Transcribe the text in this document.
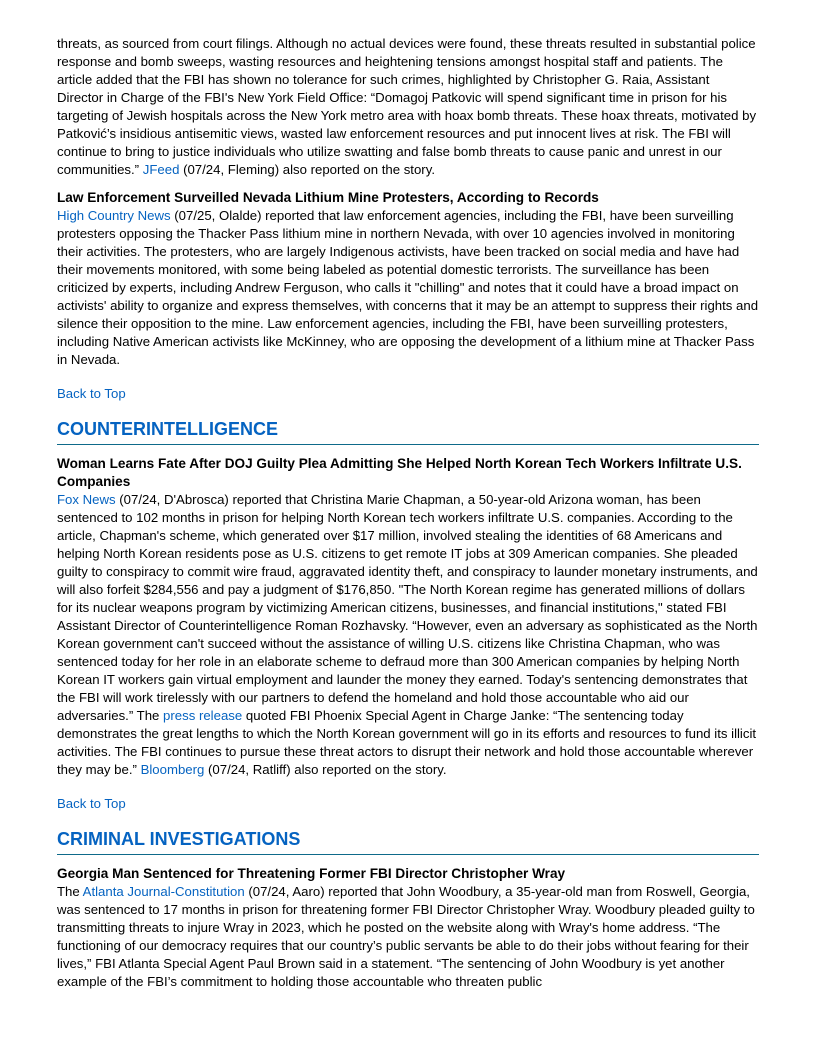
threats, as sourced from court filings. Although no actual devices were found, these threats resulted in substantial police response and bomb sweeps, wasting resources and heightening tensions amongst hospital staff and patients. The article added that the FBI has shown no tolerance for such crimes, highlighted by Christopher G. Raia, Assistant Director in Charge of the FBI's New York Field Office: “Domagoj Patkovic will spend significant time in prison for his targeting of Jewish hospitals across the New York metro area with hoax bomb threats. These hoax threats, motivated by Patković’s insidious antisemitic views, wasted law enforcement resources and put innocent lives at risk. The FBI will continue to bring to justice individuals who utilize swatting and false bomb threats to cause panic and unrest in our communities.” JFeed (07/24, Fleming) also reported on the story.

Law Enforcement Surveilled Nevada Lithium Mine Protesters, According to Records

High Country News (07/25, Olalde) reported that law enforcement agencies, including the FBI, have been surveilling protesters opposing the Thacker Pass lithium mine in northern Nevada, with over 10 agencies involved in monitoring their activities. The protesters, who are largely Indigenous activists, have been tracked on social media and have had their movements monitored, with some being labeled as potential domestic terrorists. The surveillance has been criticized by experts, including Andrew Ferguson, who calls it "chilling" and notes that it could have a broad impact on activists' ability to organize and express themselves, with concerns that it may be an attempt to suppress their rights and silence their opposition to the mine. Law enforcement agencies, including the FBI, have been surveilling protesters, including Native American activists like McKinney, who are opposing the development of a lithium mine at Thacker Pass in Nevada.

Back to Top
COUNTERINTELLIGENCE

Woman Learns Fate After DOJ Guilty Plea Admitting She Helped North Korean Tech Workers Infiltrate U.S. Companies

Fox News (07/24, D'Abrosca) reported that Christina Marie Chapman, a 50-year-old Arizona woman, has been sentenced to 102 months in prison for helping North Korean tech workers infiltrate U.S. companies. According to the article, Chapman's scheme, which generated over $17 million, involved stealing the identities of 68 Americans and helping North Korean residents pose as U.S. citizens to get remote IT jobs at 309 American companies. She pleaded guilty to conspiracy to commit wire fraud, aggravated identity theft, and conspiracy to launder monetary instruments, and will also forfeit $284,556 and pay a judgment of $176,850. "The North Korean regime has generated millions of dollars for its nuclear weapons program by victimizing American citizens, businesses, and financial institutions," stated FBI Assistant Director of Counterintelligence Roman Rozhavsky. “However, even an adversary as sophisticated as the North Korean government can't succeed without the assistance of willing U.S. citizens like Christina Chapman, who was sentenced today for her role in an elaborate scheme to defraud more than 300 American companies by helping North Korean IT workers gain virtual employment and launder the money they earned. Today's sentencing demonstrates that the FBI will work tirelessly with our partners to defend the homeland and hold those accountable who aid our adversaries.” The press release quoted FBI Phoenix Special Agent in Charge Janke: “The sentencing today demonstrates the great lengths to which the North Korean government will go in its efforts and resources to fund its illicit activities. The FBI continues to pursue these threat actors to disrupt their network and hold those accountable wherever they may be.” Bloomberg (07/24, Ratliff) also reported on the story.

Back to Top
CRIMINAL INVESTIGATIONS

Georgia Man Sentenced for Threatening Former FBI Director Christopher Wray

The Atlanta Journal-Constitution (07/24, Aaro) reported that John Woodbury, a 35-year-old man from Roswell, Georgia, was sentenced to 17 months in prison for threatening former FBI Director Christopher Wray. Woodbury pleaded guilty to transmitting threats to injure Wray in 2023, which he posted on the website along with Wray's home address. “The functioning of our democracy requires that our country’s public servants be able to do their jobs without fearing for their lives,” FBI Atlanta Special Agent Paul Brown said in a statement. “The sentencing of John Woodbury is yet another example of the FBI’s commitment to holding those accountable who threaten public
